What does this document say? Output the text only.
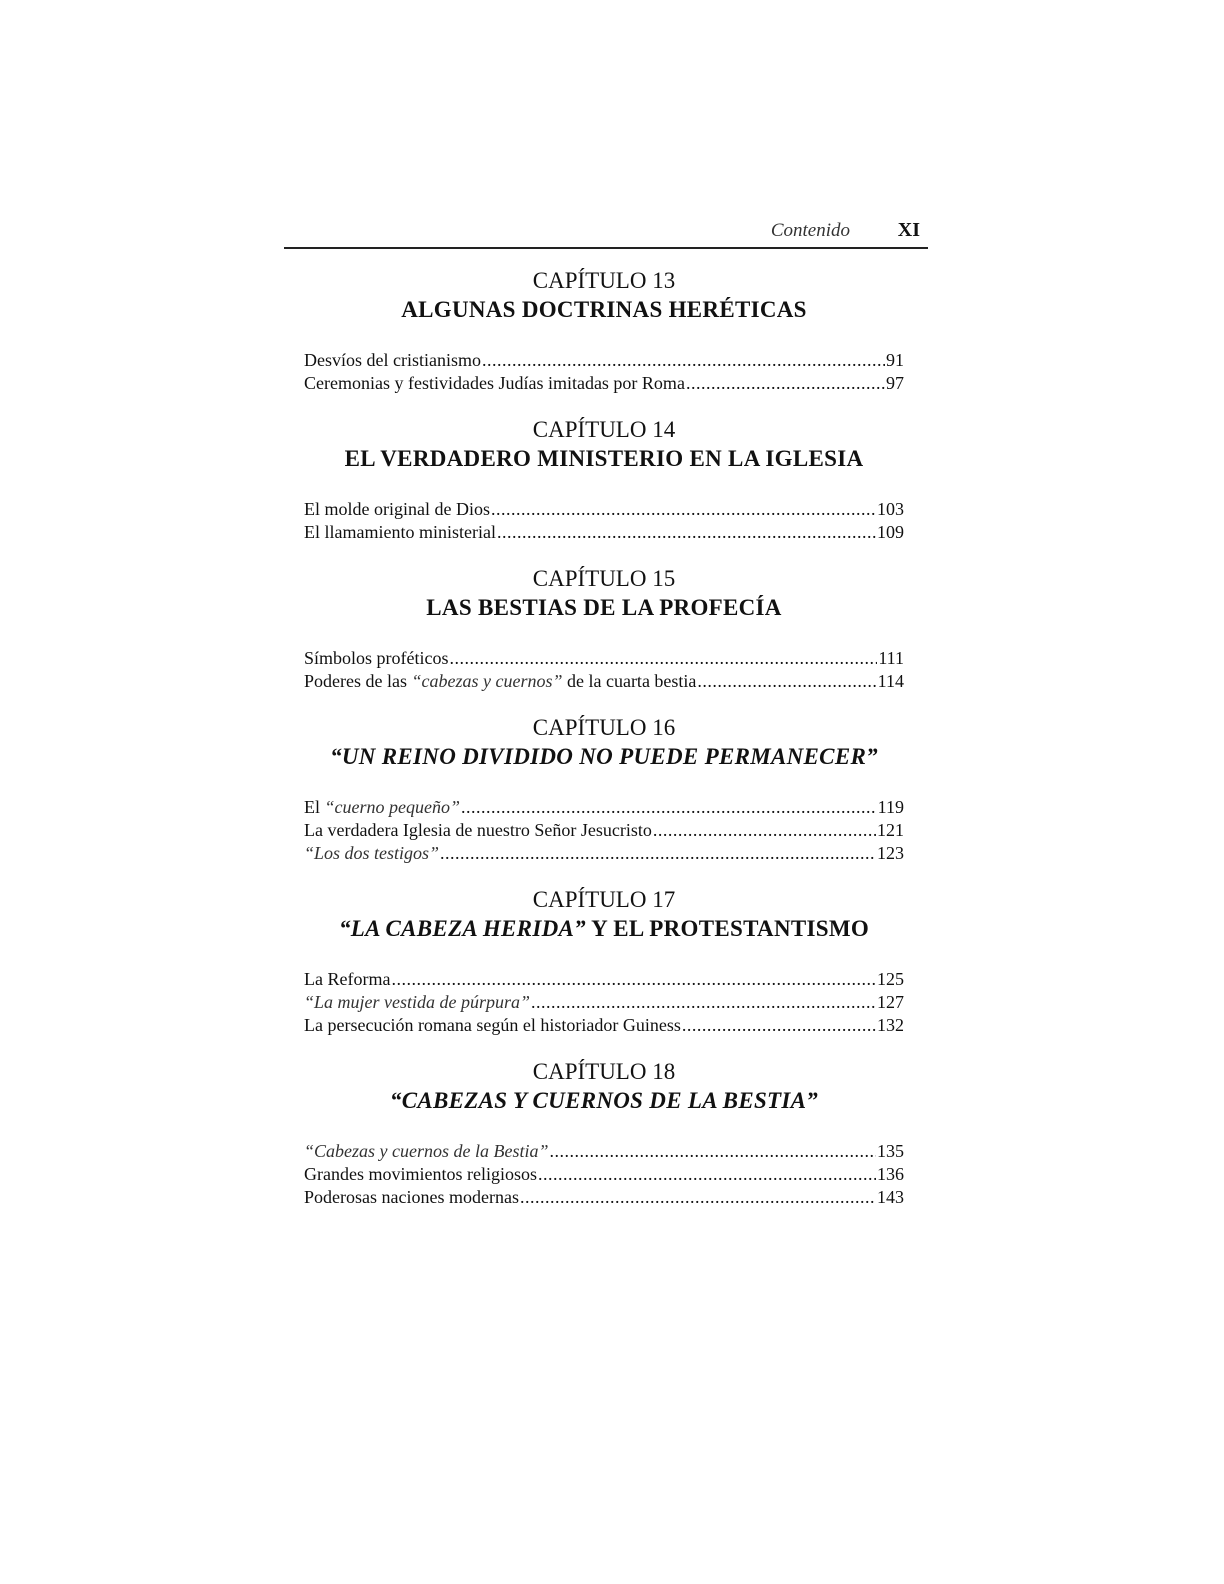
Contenido XI
CAPÍTULO 13
ALGUNAS DOCTRINAS HERÉTICAS
Desvíos del cristianismo .....	91
Ceremonias y festividades Judías imitadas por Roma .....	97
CAPÍTULO 14
EL VERDADERO MINISTERIO EN LA IGLESIA
El molde original de Dios .....	103
El llamamiento ministerial .....	109
CAPÍTULO 15
LAS BESTIAS DE LA PROFECÍA
Símbolos proféticos .....	111
Poderes de las “cabezas y cuernos” de la cuarta bestia .....	114
CAPÍTULO 16
“UN REINO DIVIDIDO NO PUEDE PERMANECER”
El “cuerno pequeño” .....	119
La verdadera Iglesia de nuestro Señor Jesucristo .....	121
“Los dos testigos” .....	123
CAPÍTULO 17
“LA CABEZA HERIDA” Y EL PROTESTANTISMO
La Reforma .....	125
“La mujer vestida de púrpura” .....	127
La persecución romana según el historiador Guiness .....	132
CAPÍTULO 18
“CABEZAS Y CUERNOS DE LA BESTIA”
“Cabezas y cuernos de la Bestia” .....	135
Grandes movimientos religiosos .....	136
Poderosas naciones modernas .....	143
